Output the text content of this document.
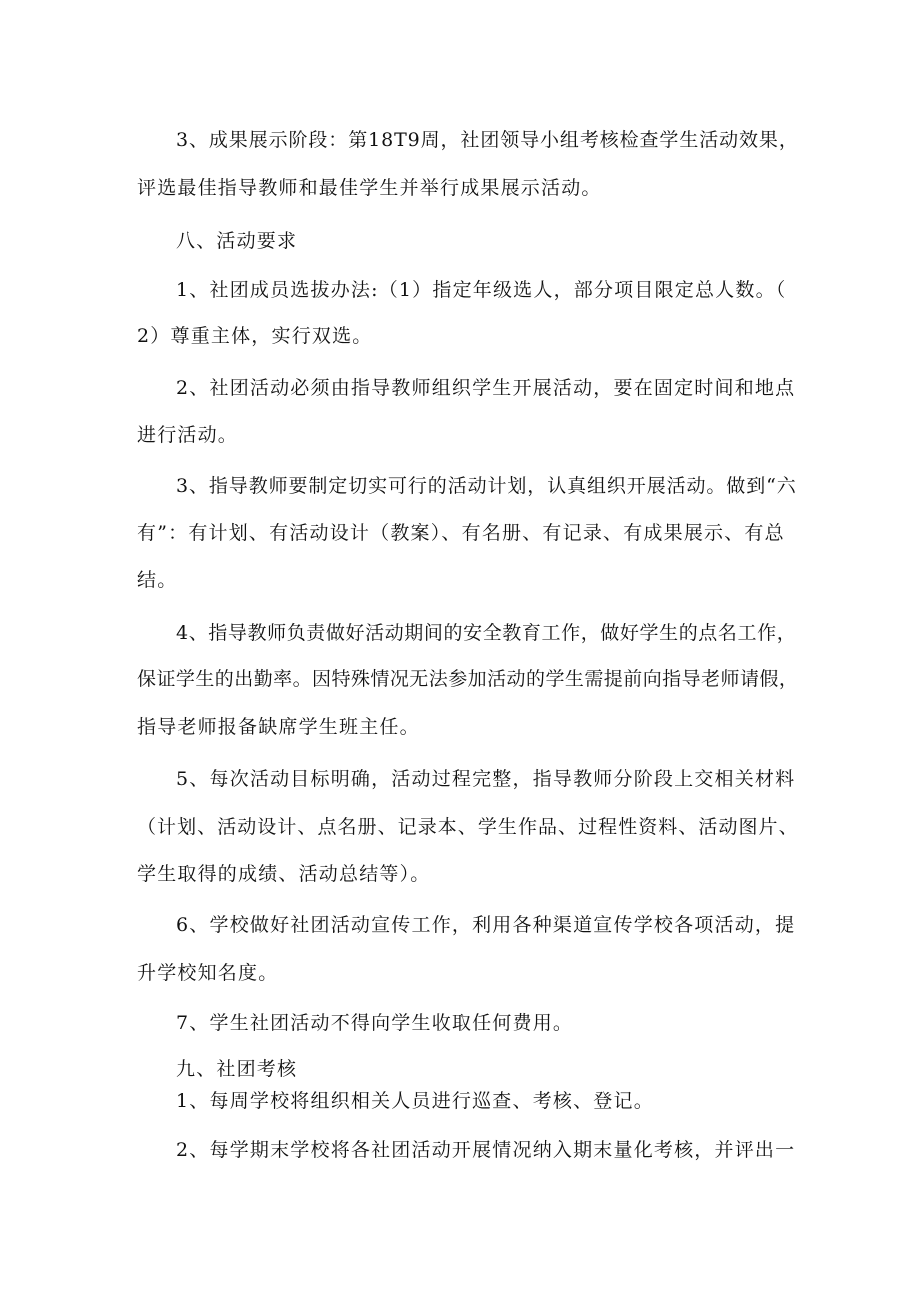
3、成果展示阶段：第18T9周，社团领导小组考核检查学生活动效果，
评选最佳指导教师和最佳学生并举行成果展示活动。
八、活动要求
1、社团成员选拔办法:（1）指定年级选人，部分项目限定总人数。（
2）尊重主体，实行双选。
2、社团活动必须由指导教师组织学生开展活动，要在固定时间和地点
进行活动。
3、指导教师要制定切实可行的活动计划，认真组织开展活动。做到“六
有”：有计划、有活动设计（教案）、有名册、有记录、有成果展示、有总
结。
4、指导教师负责做好活动期间的安全教育工作，做好学生的点名工作，
保证学生的出勤率。因特殊情况无法参加活动的学生需提前向指导老师请假，
指导老师报备缺席学生班主任。
5、每次活动目标明确，活动过程完整，指导教师分阶段上交相关材料
（计划、活动设计、点名册、记录本、学生作品、过程性资料、活动图片、
学生取得的成绩、活动总结等）。
6、学校做好社团活动宣传工作，利用各种渠道宣传学校各项活动，提
升学校知名度。
7、学生社团活动不得向学生收取任何费用。
九、社团考核
1、每周学校将组织相关人员进行巡查、考核、登记。
2、每学期末学校将各社团活动开展情况纳入期末量化考核，并评出一
